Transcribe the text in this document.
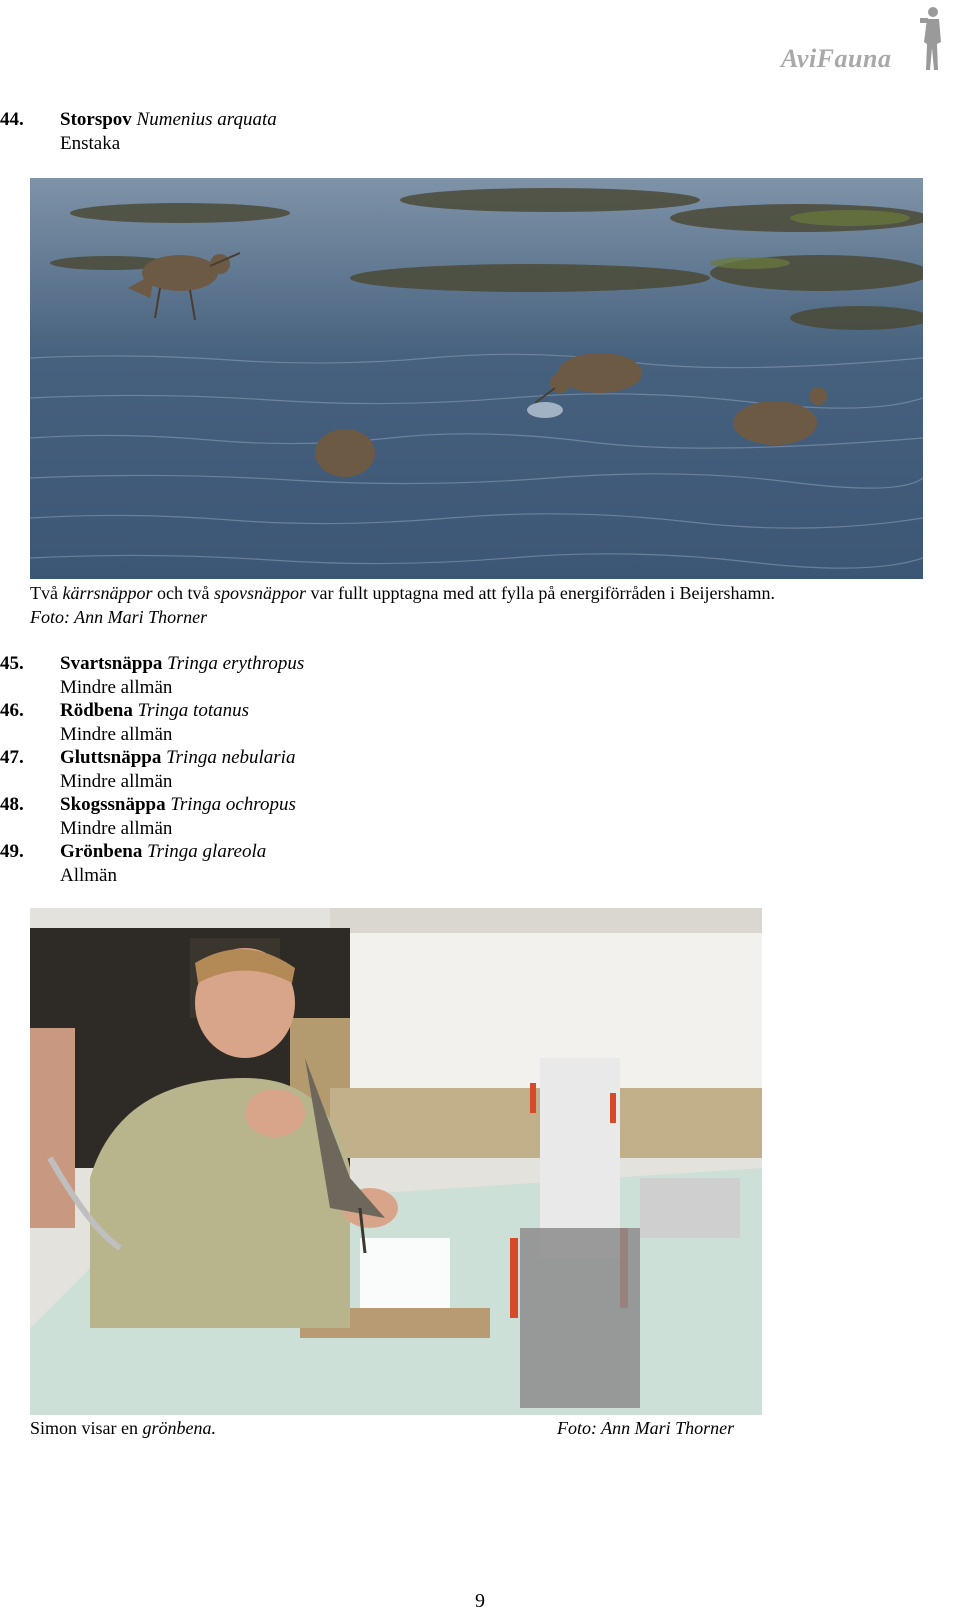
AviFauna
44. Storspov Numenius arquata
Enstaka
Två kärrsnäppor och två spovsnäppor var fullt upptagna med att fylla på energiförråden i Beijershamn.
Foto: Ann Mari Thorner
45. Svartsnäppa Tringa erythropus
Mindre allmän
46. Rödbena Tringa totanus
Mindre allmän
47. Gluttsnäppa Tringa nebularia
Mindre allmän
48. Skogssnäppa Tringa ochropus
Mindre allmän
49. Grönbena Tringa glareola
Allmän
Simon visar en grönbena.	Foto: Ann Mari Thorner
9
